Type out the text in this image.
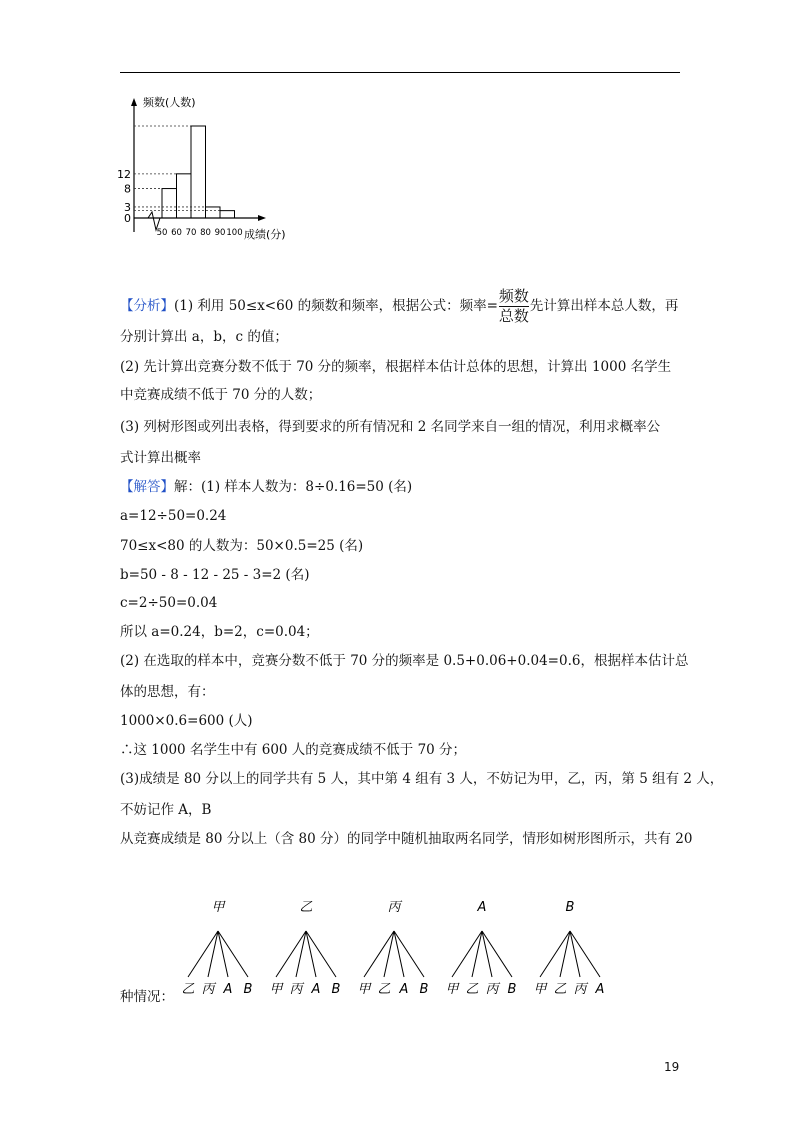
频数(人数)
成绩(分)
0
3
8
12
50 60 70 80 90 100
【分析】(1) 利用 50≤x<60 的频数和频率，根据公式：频率=
频数
总数
先计算出样本总人数，再
分别计算出 a，b，c 的值；
(2) 先计算出竞赛分数不低于 70 分的频率，根据样本估计总体的思想，计算出 1000 名学生
中竞赛成绩不低于 70 分的人数；
(3) 列树形图或列出表格，得到要求的所有情况和 2 名同学来自一组的情况，利用求概率公
式计算出概率
【解答】解：(1) 样本人数为：8÷0.16=50 (名)
a=12÷50=0.24
70≤x<80 的人数为：50×0.5=25 (名)
b=50 - 8 - 12 - 25 - 3=2 (名)
c=2÷50=0.04
所以 a=0.24，b=2，c=0.04；
(2) 在选取的样本中，竞赛分数不低于 70 分的频率是 0.5+0.06+0.04=0.6，根据样本估计总
体的思想，有：
1000×0.6=600 (人)
∴这 1000 名学生中有 600 人的竞赛成绩不低于 70 分；
(3)成绩是 80 分以上的同学共有 5 人，其中第 4 组有 3 人，不妨记为甲，乙，丙，第 5 组有 2 人，
不妨记作 A，B
从竞赛成绩是 80 分以上（含 80 分）的同学中随机抽取两名同学，情形如树形图所示，共有 20
种情况：
甲
乙 丙 A B
乙
甲 丙 A B
丙
甲 乙 A B
A
甲 乙 丙 B
B
甲 乙 丙 A
19
